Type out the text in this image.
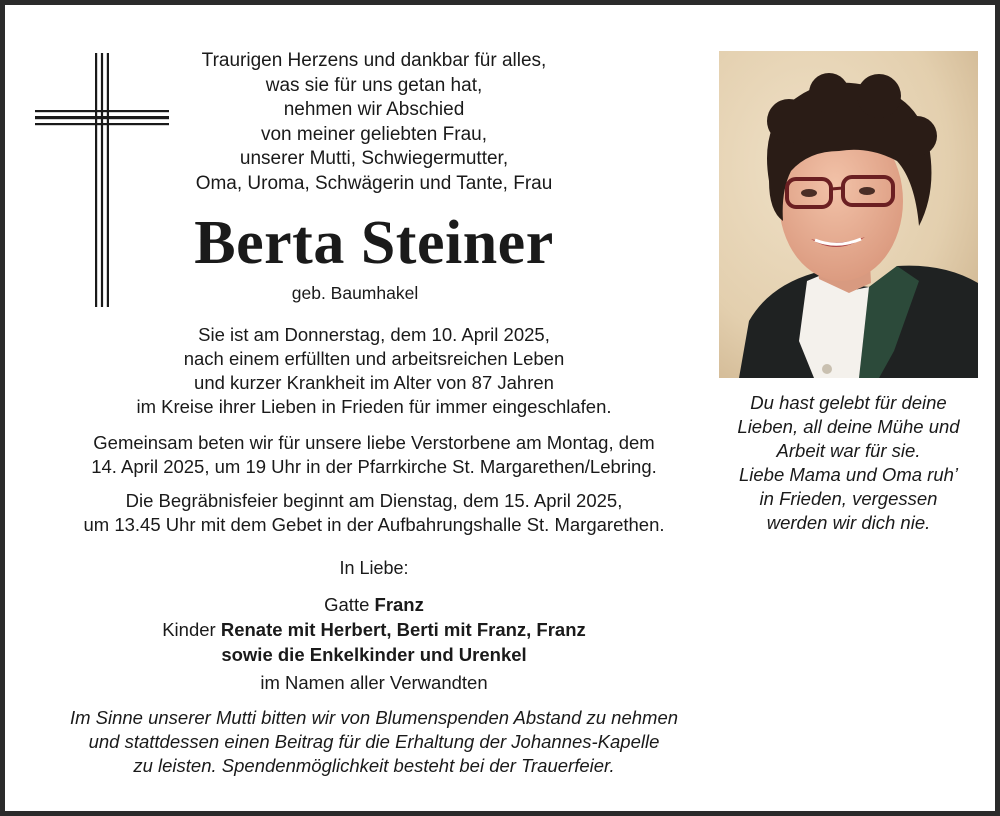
Traurigen Herzens und dankbar für alles,
was sie für uns getan hat,
nehmen wir Abschied
von meiner geliebten Frau,
unserer Mutti, Schwiegermutter,
Oma, Uroma, Schwägerin und Tante, Frau
Berta Steiner
geb. Baumhakel
Sie ist am Donnerstag, dem 10. April 2025,
nach einem erfüllten und arbeitsreichen Leben
und kurzer Krankheit im Alter von 87 Jahren
im Kreise ihrer Lieben in Frieden für immer eingeschlafen.
Gemeinsam beten wir für unsere liebe Verstorbene am Montag, dem
14. April 2025, um 19 Uhr in der Pfarrkirche St. Margarethen/Lebring.
Die Begräbnisfeier beginnt am Dienstag, dem 15. April 2025,
um 13.45 Uhr mit dem Gebet in der Aufbahrungshalle St. Margarethen.
In Liebe:
Gatte Franz
Kinder Renate mit Herbert, Berti mit Franz, Franz
sowie die Enkelkinder und Urenkel
im Namen aller Verwandten
Im Sinne unserer Mutti bitten wir von Blumenspenden Abstand zu nehmen
und stattdessen einen Beitrag für die Erhaltung der Johannes-Kapelle
zu leisten. Spendenmöglichkeit besteht bei der Trauerfeier.
Du hast gelebt für deine
Lieben, all deine Mühe und
Arbeit war für sie.
Liebe Mama und Oma ruh’
in Frieden, vergessen
werden wir dich nie.
